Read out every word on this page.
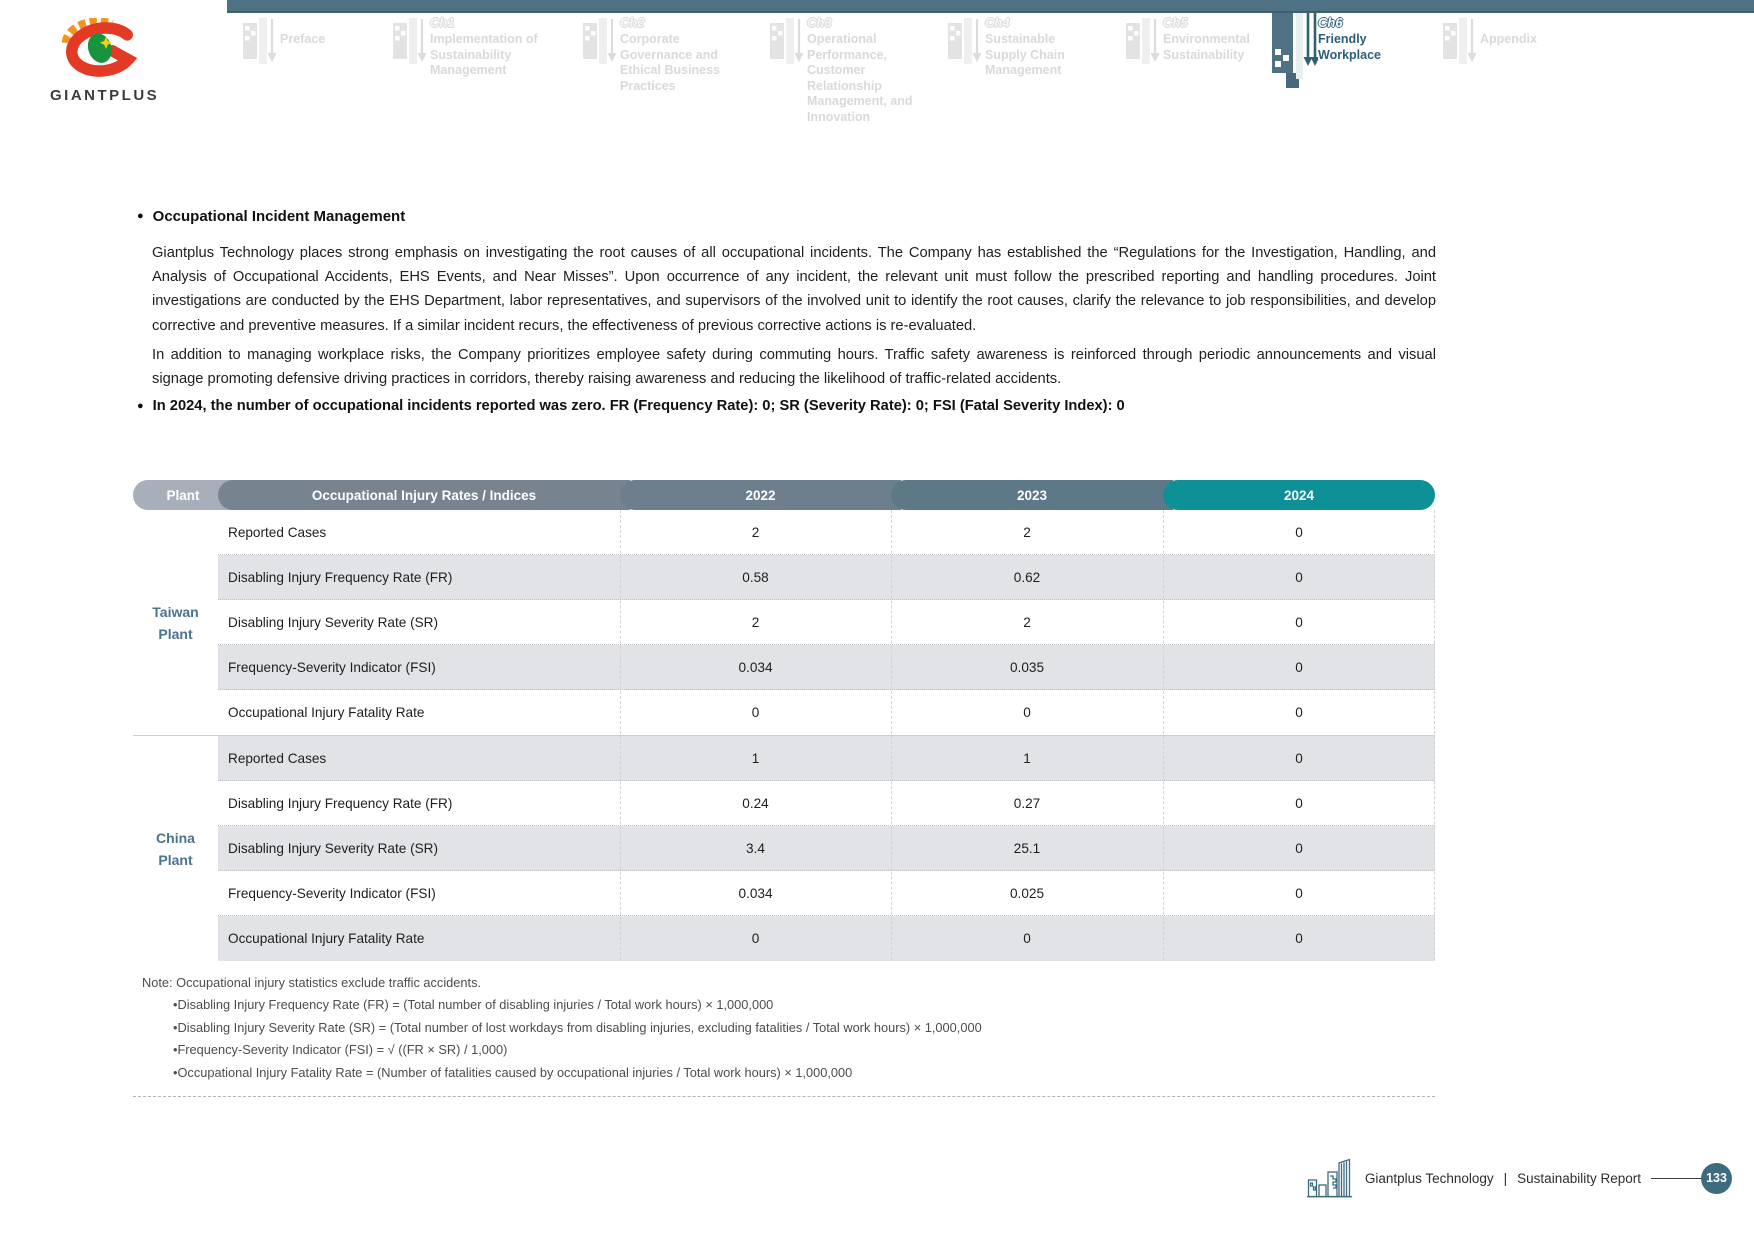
GIANTPLUS
Preface
Ch1
Implementation of Sustainability Management
Ch2
Corporate Governance and Ethical Business Practices
Ch3
Operational Performance, Customer Relationship Management, and Innovation
Ch4
Sustainable Supply Chain Management
Ch5
Environmental Sustainability
Ch6
Friendly Workplace
Appendix
● Occupational Incident Management

Giantplus Technology places strong emphasis on investigating the root causes of all occupational incidents. The Company has established the “Regulations for the Investigation, Handling, and Analysis of Occupational Accidents, EHS Events, and Near Misses”. Upon occurrence of any incident, the relevant unit must follow the prescribed reporting and handling procedures. Joint investigations are conducted by the EHS Department, labor representatives, and supervisors of the involved unit to identify the root causes, clarify the relevance to job responsibilities, and develop corrective and preventive measures. If a similar incident recurs, the effectiveness of previous corrective actions is re-evaluated.

In addition to managing workplace risks, the Company prioritizes employee safety during commuting hours. Traffic safety awareness is reinforced through periodic announcements and visual signage promoting defensive driving practices in corridors, thereby raising awareness and reducing the likelihood of traffic-related accidents.

● In 2024, the number of occupational incidents reported was zero. FR (Frequency Rate): 0; SR (Severity Rate): 0; FSI (Fatal Severity Index): 0
Plant	Occupational Injury Rates / Indices	2022	2023	2024
Taiwan Plant
Reported Cases	2	2	0
Disabling Injury Frequency Rate (FR)	0.58	0.62	0
Disabling Injury Severity Rate (SR)	2	2	0
Frequency-Severity Indicator (FSI)	0.034	0.035	0
Occupational Injury Fatality Rate	0	0	0
China Plant
Reported Cases	1	1	0
Disabling Injury Frequency Rate (FR)	0.24	0.27	0
Disabling Injury Severity Rate (SR)	3.4	25.1	0
Frequency-Severity Indicator (FSI)	0.034	0.025	0
Occupational Injury Fatality Rate	0	0	0
Note: Occupational injury statistics exclude traffic accidents.
•Disabling Injury Frequency Rate (FR) = (Total number of disabling injuries / Total work hours) × 1,000,000
•Disabling Injury Severity Rate (SR) = (Total number of lost workdays from disabling injuries, excluding fatalities / Total work hours) × 1,000,000
•Frequency-Severity Indicator (FSI) = √ ((FR × SR) / 1,000)
•Occupational Injury Fatality Rate = (Number of fatalities caused by occupational injuries / Total work hours) × 1,000,000
Giantplus Technology | Sustainability Report	133
